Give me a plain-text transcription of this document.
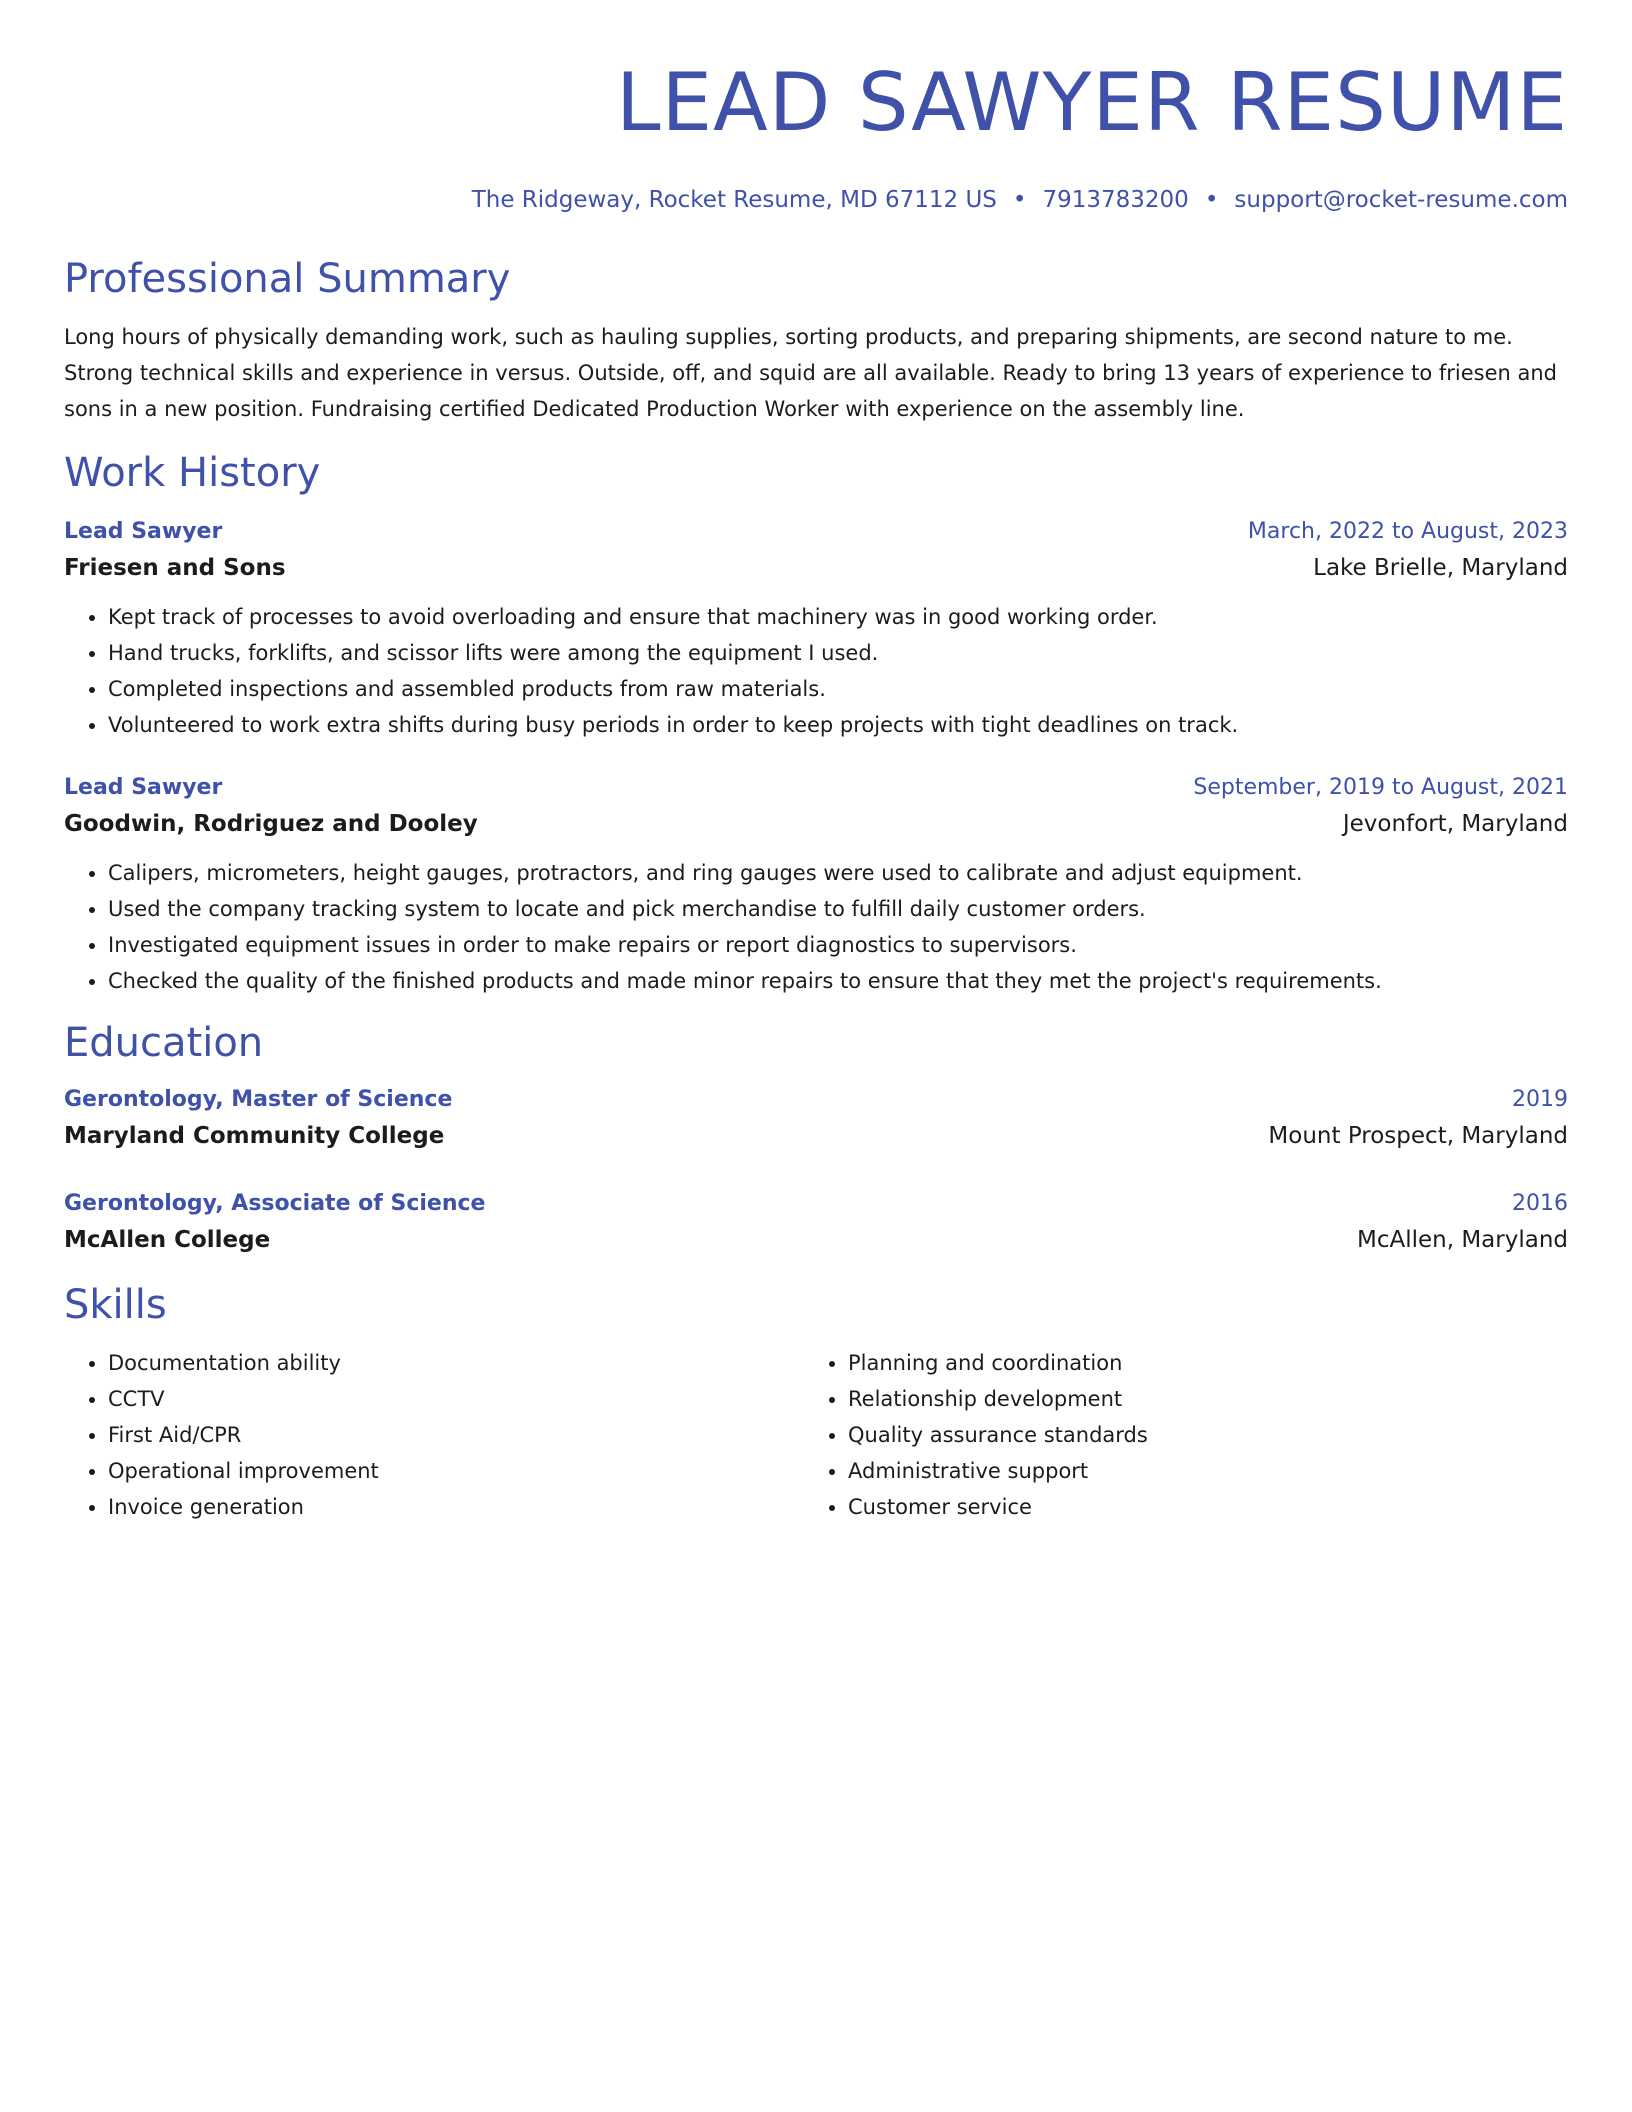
LEAD SAWYER RESUME
The Ridgeway, Rocket Resume, MD 67112 US • 7913783200 • support@rocket-resume.com
Professional Summary
Long hours of physically demanding work, such as hauling supplies, sorting products, and preparing shipments, are second nature to me. Strong technical skills and experience in versus. Outside, off, and squid are all available. Ready to bring 13 years of experience to friesen and sons in a new position. Fundraising certified Dedicated Production Worker with experience on the assembly line.
Work History
Lead Sawyer	March, 2022 to August, 2023
Friesen and Sons	Lake Brielle, Maryland
• Kept track of processes to avoid overloading and ensure that machinery was in good working order.
• Hand trucks, forklifts, and scissor lifts were among the equipment I used.
• Completed inspections and assembled products from raw materials.
• Volunteered to work extra shifts during busy periods in order to keep projects with tight deadlines on track.
Lead Sawyer	September, 2019 to August, 2021
Goodwin, Rodriguez and Dooley	Jevonfort, Maryland
• Calipers, micrometers, height gauges, protractors, and ring gauges were used to calibrate and adjust equipment.
• Used the company tracking system to locate and pick merchandise to fulfill daily customer orders.
• Investigated equipment issues in order to make repairs or report diagnostics to supervisors.
• Checked the quality of the finished products and made minor repairs to ensure that they met the project's requirements.
Education
Gerontology, Master of Science	2019
Maryland Community College	Mount Prospect, Maryland
Gerontology, Associate of Science	2016
McAllen College	McAllen, Maryland
Skills
• Documentation ability
• CCTV
• First Aid/CPR
• Operational improvement
• Invoice generation
• Planning and coordination
• Relationship development
• Quality assurance standards
• Administrative support
• Customer service
